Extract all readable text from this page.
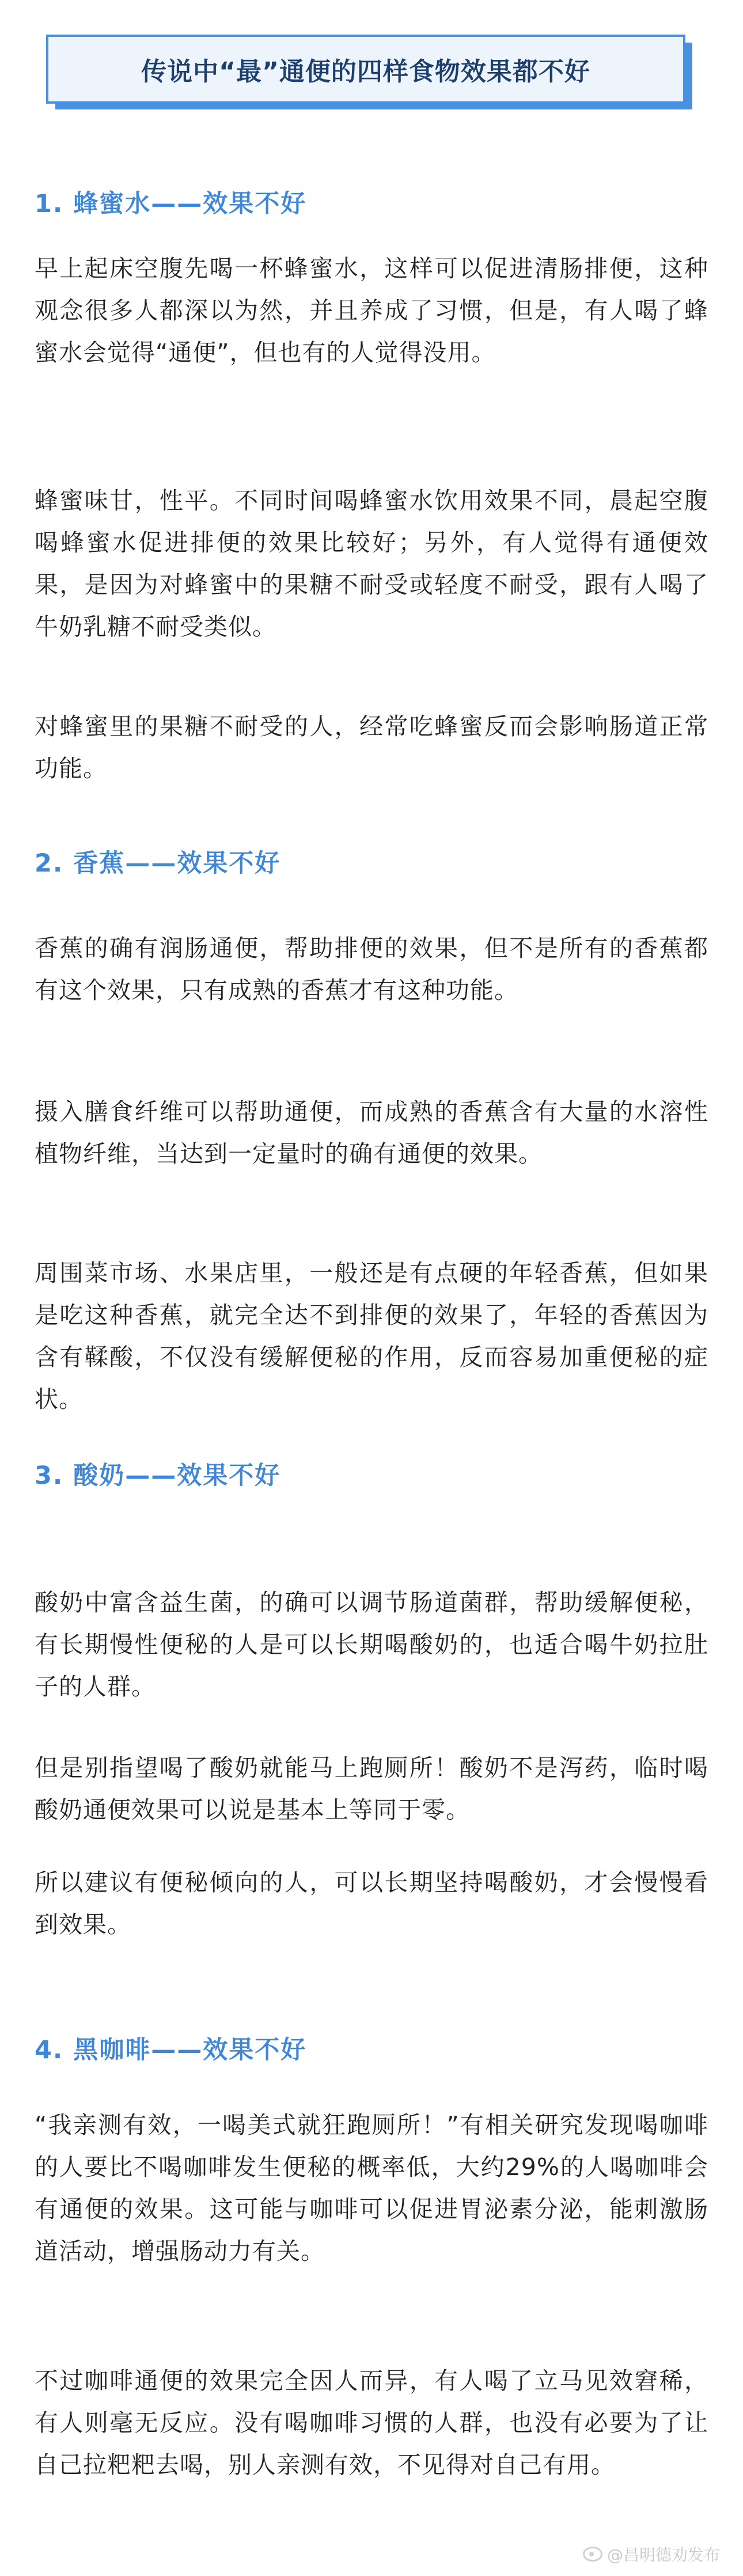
传说中“最”通便的四样食物效果都不好
1. 蜂蜜水——效果不好

早上起床空腹先喝一杯蜂蜜水，这样可以促进清肠排便，这种观念很多人都深以为然，并且养成了习惯，但是，有人喝了蜂蜜水会觉得“通便”，但也有的人觉得没用。

蜂蜜味甘，性平。不同时间喝蜂蜜水饮用效果不同，晨起空腹喝蜂蜜水促进排便的效果比较好；另外，有人觉得有通便效果，是因为对蜂蜜中的果糖不耐受或轻度不耐受，跟有人喝了牛奶乳糖不耐受类似。

对蜂蜜里的果糖不耐受的人，经常吃蜂蜜反而会影响肠道正常功能。

2. 香蕉——效果不好

香蕉的确有润肠通便，帮助排便的效果，但不是所有的香蕉都有这个效果，只有成熟的香蕉才有这种功能。

摄入膳食纤维可以帮助通便，而成熟的香蕉含有大量的水溶性植物纤维，当达到一定量时的确有通便的效果。

周围菜市场、水果店里，一般还是有点硬的年轻香蕉，但如果是吃这种香蕉，就完全达不到排便的效果了，年轻的香蕉因为含有鞣酸，不仅没有缓解便秘的作用，反而容易加重便秘的症状。

3. 酸奶——效果不好

酸奶中富含益生菌，的确可以调节肠道菌群，帮助缓解便秘，有长期慢性便秘的人是可以长期喝酸奶的，也适合喝牛奶拉肚子的人群。

但是别指望喝了酸奶就能马上跑厕所！酸奶不是泻药，临时喝酸奶通便效果可以说是基本上等同于零。

所以建议有便秘倾向的人，可以长期坚持喝酸奶，才会慢慢看到效果。

4. 黑咖啡——效果不好

“我亲测有效，一喝美式就狂跑厕所！”有相关研究发现喝咖啡的人要比不喝咖啡发生便秘的概率低，大约29%的人喝咖啡会有通便的效果。这可能与咖啡可以促进胃泌素分泌，能刺激肠道活动，增强肠动力有关。

不过咖啡通便的效果完全因人而异，有人喝了立马见效窘稀，有人则毫无反应。没有喝咖啡习惯的人群，也没有必要为了让自己拉粑粑去喝，别人亲测有效，不见得对自己有用。

@昌明德劝发布
